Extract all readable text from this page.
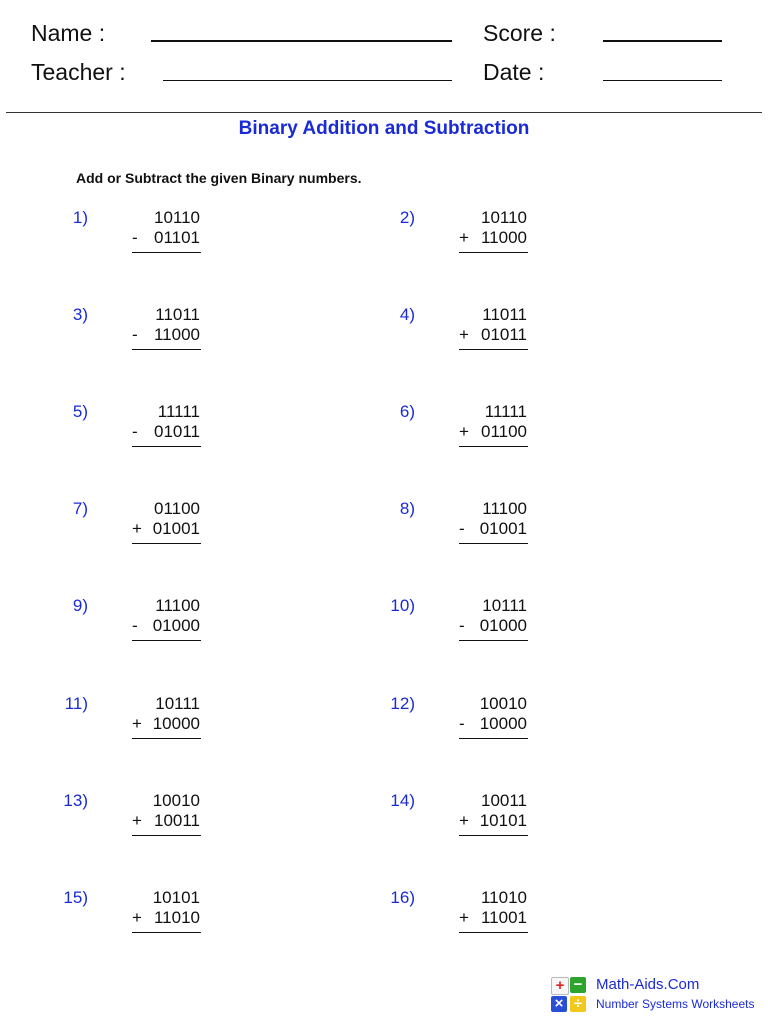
Name :
Teacher :
Score :
Date :
Binary Addition and Subtraction
Add or Subtract the given Binary numbers.
1)	10110
- 01101
2)	10110
+ 11000
3)	11011
- 11000
4)	11011
+ 01011
5)	11111
- 01011
6)	11111
+ 01100
7)	01100
+ 01001
8)	11100
- 01001
9)	11100
- 01000
10)	10111
- 01000
11)	10111
+ 10000
12)	10010
- 10000
13)	10010
+ 10011
14)	10011
+ 10101
15)	10101
+ 11010
16)	11010
+ 11001
+ −
× ÷
Math-Aids.Com
Number Systems Worksheets
